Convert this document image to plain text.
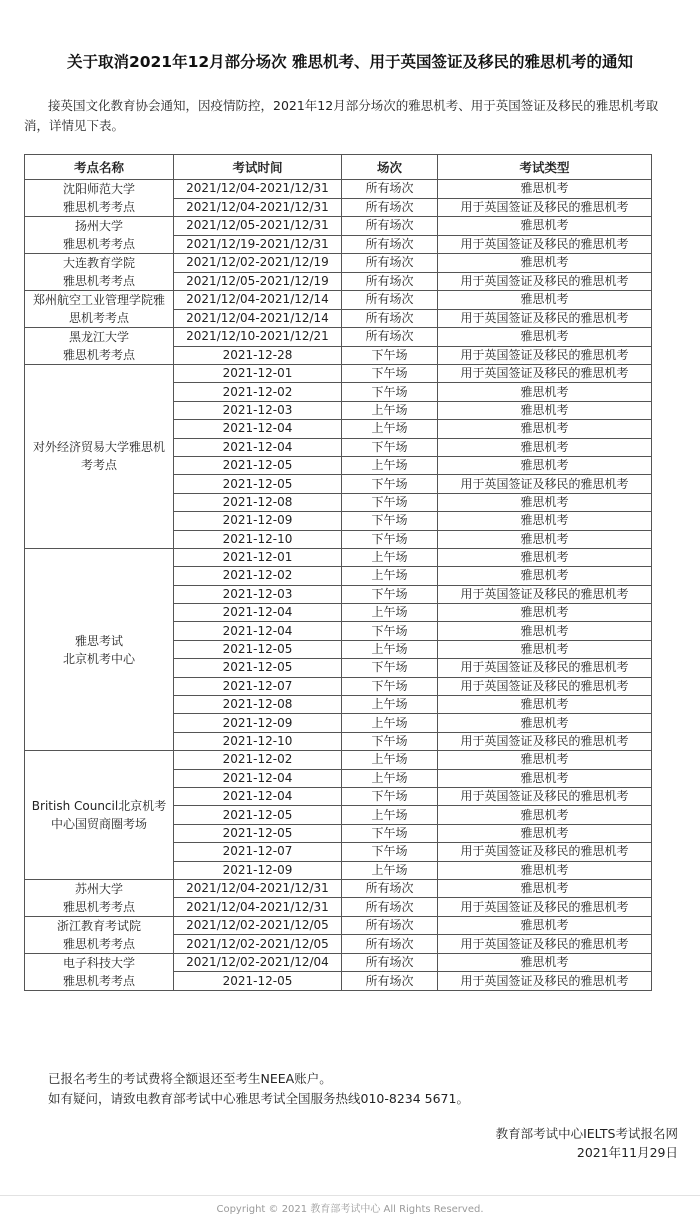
关于取消2021年12月部分场次 雅思机考、用于英国签证及移民的雅思机考的通知
接英国文化教育协会通知，因疫情防控，2021年12月部分场次的雅思机考、用于英国签证及移民的雅思机考取消，详情见下表。
考点名称	考试时间	场次	考试类型
沈阳师范大学
雅思机考考点	2021/12/04-2021/12/31	所有场次	雅思机考
	2021/12/04-2021/12/31	所有场次	用于英国签证及移民的雅思机考
扬州大学
雅思机考考点	2021/12/05-2021/12/31	所有场次	雅思机考
	2021/12/19-2021/12/31	所有场次	用于英国签证及移民的雅思机考
大连教育学院
雅思机考考点	2021/12/02-2021/12/19	所有场次	雅思机考
	2021/12/05-2021/12/19	所有场次	用于英国签证及移民的雅思机考
郑州航空工业管理学院雅
思机考考点	2021/12/04-2021/12/14	所有场次	雅思机考
	2021/12/04-2021/12/14	所有场次	用于英国签证及移民的雅思机考
黑龙江大学
雅思机考考点	2021/12/10-2021/12/21	所有场次	雅思机考
	2021-12-28	下午场	用于英国签证及移民的雅思机考
对外经济贸易大学雅思机
考考点	2021-12-01	下午场	用于英国签证及移民的雅思机考
	2021-12-02	下午场	雅思机考
	2021-12-03	上午场	雅思机考
	2021-12-04	上午场	雅思机考
	2021-12-04	下午场	雅思机考
	2021-12-05	上午场	雅思机考
	2021-12-05	下午场	用于英国签证及移民的雅思机考
	2021-12-08	下午场	雅思机考
	2021-12-09	下午场	雅思机考
	2021-12-10	下午场	雅思机考
雅思考试
北京机考中心	2021-12-01	上午场	雅思机考
	2021-12-02	上午场	雅思机考
	2021-12-03	下午场	用于英国签证及移民的雅思机考
	2021-12-04	上午场	雅思机考
	2021-12-04	下午场	雅思机考
	2021-12-05	上午场	雅思机考
	2021-12-05	下午场	用于英国签证及移民的雅思机考
	2021-12-07	下午场	用于英国签证及移民的雅思机考
	2021-12-08	上午场	雅思机考
	2021-12-09	上午场	雅思机考
	2021-12-10	下午场	用于英国签证及移民的雅思机考
British Council北京机考
中心国贸商圈考场	2021-12-02	上午场	雅思机考
	2021-12-04	上午场	雅思机考
	2021-12-04	下午场	用于英国签证及移民的雅思机考
	2021-12-05	上午场	雅思机考
	2021-12-05	下午场	雅思机考
	2021-12-07	下午场	用于英国签证及移民的雅思机考
	2021-12-09	上午场	雅思机考
苏州大学
雅思机考考点	2021/12/04-2021/12/31	所有场次	雅思机考
	2021/12/04-2021/12/31	所有场次	用于英国签证及移民的雅思机考
浙江教育考试院
雅思机考考点	2021/12/02-2021/12/05	所有场次	雅思机考
	2021/12/02-2021/12/05	所有场次	用于英国签证及移民的雅思机考
电子科技大学
雅思机考考点	2021/12/02-2021/12/04	所有场次	雅思机考
	2021-12-05	所有场次	用于英国签证及移民的雅思机考
已报名考生的考试费将全额退还至考生NEEA账户。
如有疑问，请致电教育部考试中心雅思考试全国服务热线010-8234 5671。
教育部考试中心IELTS考试报名网
2021年11月29日
Copyright © 2021 教育部考试中心 All Rights Reserved.
